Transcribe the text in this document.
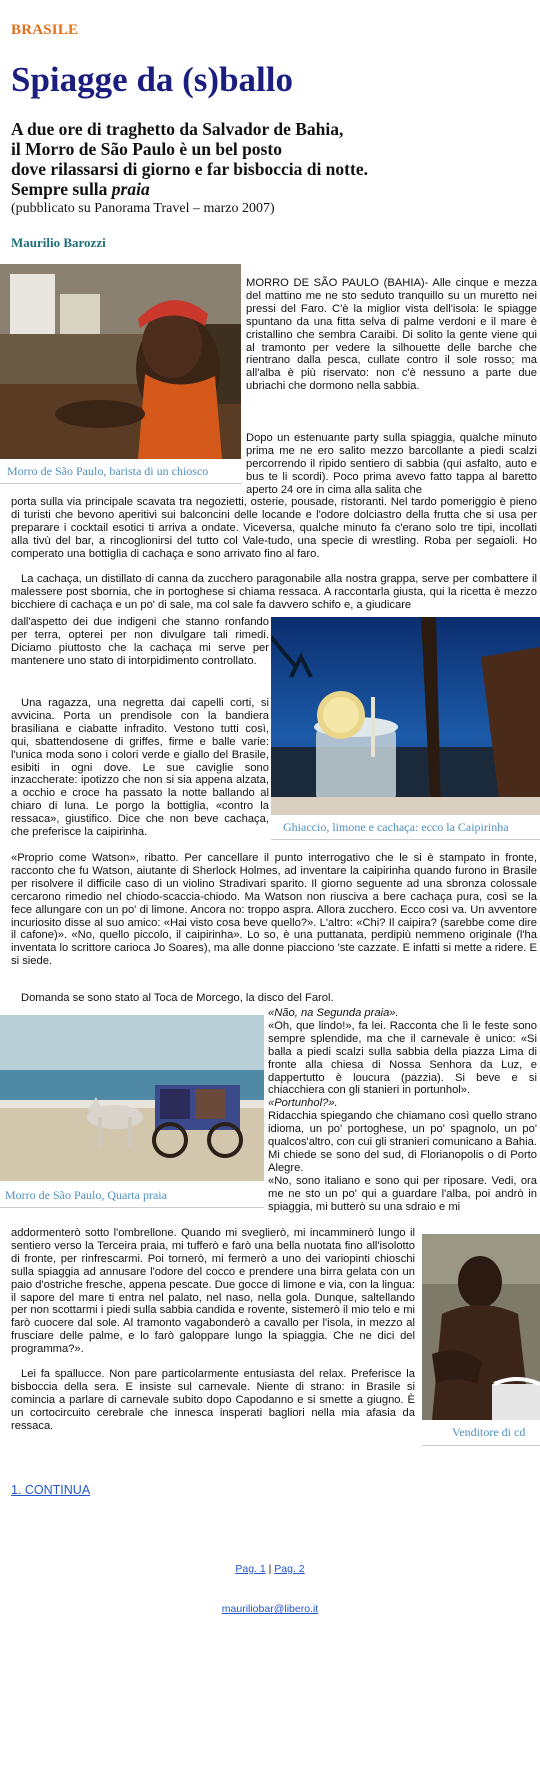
BRASILE
Spiagge da (s)ballo
A due ore di traghetto da Salvador de Bahia,
il Morro de São Paulo è un bel posto
dove rilassarsi di giorno e far bisboccia di notte.
Sempre sulla praia
(pubblicato su Panorama Travel – marzo 2007)
Maurilio Barozzi
Morro de São Paulo, barista di un chiosco
MORRO DE SÃO PAULO (BAHIA)- Alle cinque e mezza del mattino me ne sto seduto tranquillo su un muretto nei pressi del Faro. C'è la miglior vista dell'isola: le spiagge spuntano da una fitta selva di palme verdoni e il mare è cristallino che sembra Caraibi. Di solito la gente viene qui al tramonto per vedere la silhouette delle barche che rientrano dalla pesca, cullate contro il sole rosso; ma all'alba è più riservato: non c'è nessuno a parte due ubriachi che dormono nella sabbia.
Dopo un estenuante party sulla spiaggia, qualche minuto prima me ne ero salito mezzo barcollante a piedi scalzi percorrendo il ripido sentiero di sabbia (qui asfalto, auto e bus te li scordi). Poco prima avevo fatto tappa al baretto aperto 24 ore in cima alla salita che
porta sulla via principale scavata tra negozietti, osterie, pousade, ristoranti. Nel tardo pomeriggio è pieno di turisti che bevono aperitivi sui balconcini delle locande e l'odore dolciastro della frutta che si usa per preparare i cocktail esotici ti arriva a ondate. Viceversa, qualche minuto fa c'erano solo tre tipi, incollati alla tivù del bar, a rincoglionirsi del tutto col Vale-tudo, una specie di wrestling. Roba per segaioli. Ho comperato una bottiglia di cachaça e sono arrivato fino al faro.
La cachaça, un distillato di canna da zucchero paragonabile alla nostra grappa, serve per combattere il malessere post sbornia, che in portoghese si chiama ressaca. A raccontarla giusta, qui la ricetta è mezzo bicchiere di cachaça e un po' di sale, ma col sale fa davvero schifo e, a giudicare
Ghiaccio, limone e cachaça: ecco la Caipirinha
dall'aspetto dei due indigeni che stanno ronfando per terra, opterei per non divulgare tali rimedi. Diciamo piuttosto che la cachaça mi serve per mantenere uno stato di intorpidimento controllato.
Una ragazza, una negretta dai capelli corti, si avvicina. Porta un prendisole con la bandiera brasiliana e ciabatte infradito. Vestono tutti così, qui, sbattendosene di griffes, firme e balle varie: l'unica moda sono i colori verde e giallo del Brasile, esibiti in ogni dove. Le sue caviglie sono inzaccherate: ipotizzo che non si sia appena alzata, a occhio e croce ha passato la notte ballando al chiaro di luna. Le porgo la bottiglia, «contro la ressaca», giustifico. Dice che non beve cachaça, che preferisce la caipirinha.
«Proprio come Watson», ribatto. Per cancellare il punto interrogativo che le si è stampato in fronte, racconto che fu Watson, aiutante di Sherlock Holmes, ad inventare la caipirinha quando furono in Brasile per risolvere il difficile caso di un violino Stradivari sparito. Il giorno seguente ad una sbronza colossale cercarono rimedio nel chiodo-scaccia-chiodo. Ma Watson non riusciva a bere cachaça pura, così se la fece allungare con un po' di limone. Ancora no: troppo aspra. Allora zucchero. Ecco così va. Un avventore incuriosito disse al suo amico: «Hai visto cosa beve quello?». L'altro: «Chi? Il caipira? (sarebbe come dire il cafone)». «No, quello piccolo, il caipirinha». Lo so, è una puttanata, perdipiù nemmeno originale (l'ha inventata lo scrittore carioca Jo Soares), ma alle donne piacciono 'ste cazzate. E infatti si mette a ridere. E si siede.
Domanda se sono stato al Toca de Morcego, la disco del Farol.
Morro de São Paulo, Quarta praia

«Não, na Segunda praia».

«Oh, que lindo!», fa lei. Racconta che lì le feste sono sempre splendide, ma che il carnevale è unico: «Si balla a piedi scalzi sulla sabbia della piazza Lima di fronte alla chiesa di Nossa Senhora da Luz, e dappertutto è loucura (pazzia). Si beve e si chiacchiera con gli stanieri in portunhol».

«Portunhol?».

Ridacchia spiegando che chiamano così quello strano idioma, un po' portoghese, un po' spagnolo, un po' qualcos'altro, con cui gli stranieri comunicano a Bahia.

Mi chiede se sono del sud, di Florianopolis o di Porto Alegre.

«No, sono italiano e sono qui per riposare. Vedi, ora me ne sto un po' qui a guardare l'alba, poi andrò in spiaggia, mi butterò su una sdraio e mi

Venditore di cd
addormenterò sotto l'ombrellone. Quando mi sveglierò, mi incamminerò lungo il sentiero verso la Terceira praia, mi tufferò e farò una bella nuotata fino all'isolotto di fronte, per rinfrescarmi. Poi tornerò, mi fermerò a uno dei variopinti chioschi sulla spiaggia ad annusare l'odore del cocco e prendere una birra gelata con un paio d'ostriche fresche, appena pescate. Due gocce di limone e via, con la lingua: il sapore del mare ti entra nel palato, nel naso, nella gola. Dunque, saltellando per non scottarmi i piedi sulla sabbia candida e rovente, sistemerò il mio telo e mi farò cuocere dal sole. Al tramonto vagabonderò a cavallo per l'isola, in mezzo al frusciare delle palme, e lo farò galoppare lungo la spiaggia. Che ne dici del programma?».
Lei fa spallucce. Non pare particolarmente entusiasta del relax. Preferisce la bisboccia della sera. E insiste sul carnevale. Niente di strano: in Brasile si comincia a parlare di carnevale subito dopo Capodanno e si smette a giugno. È un cortocircuito cerebrale che innesca insperati bagliori nella mia afasia da ressaca.
1. CONTINUA
Pag. 1 | Pag. 2
mauriliobar@libero.it
